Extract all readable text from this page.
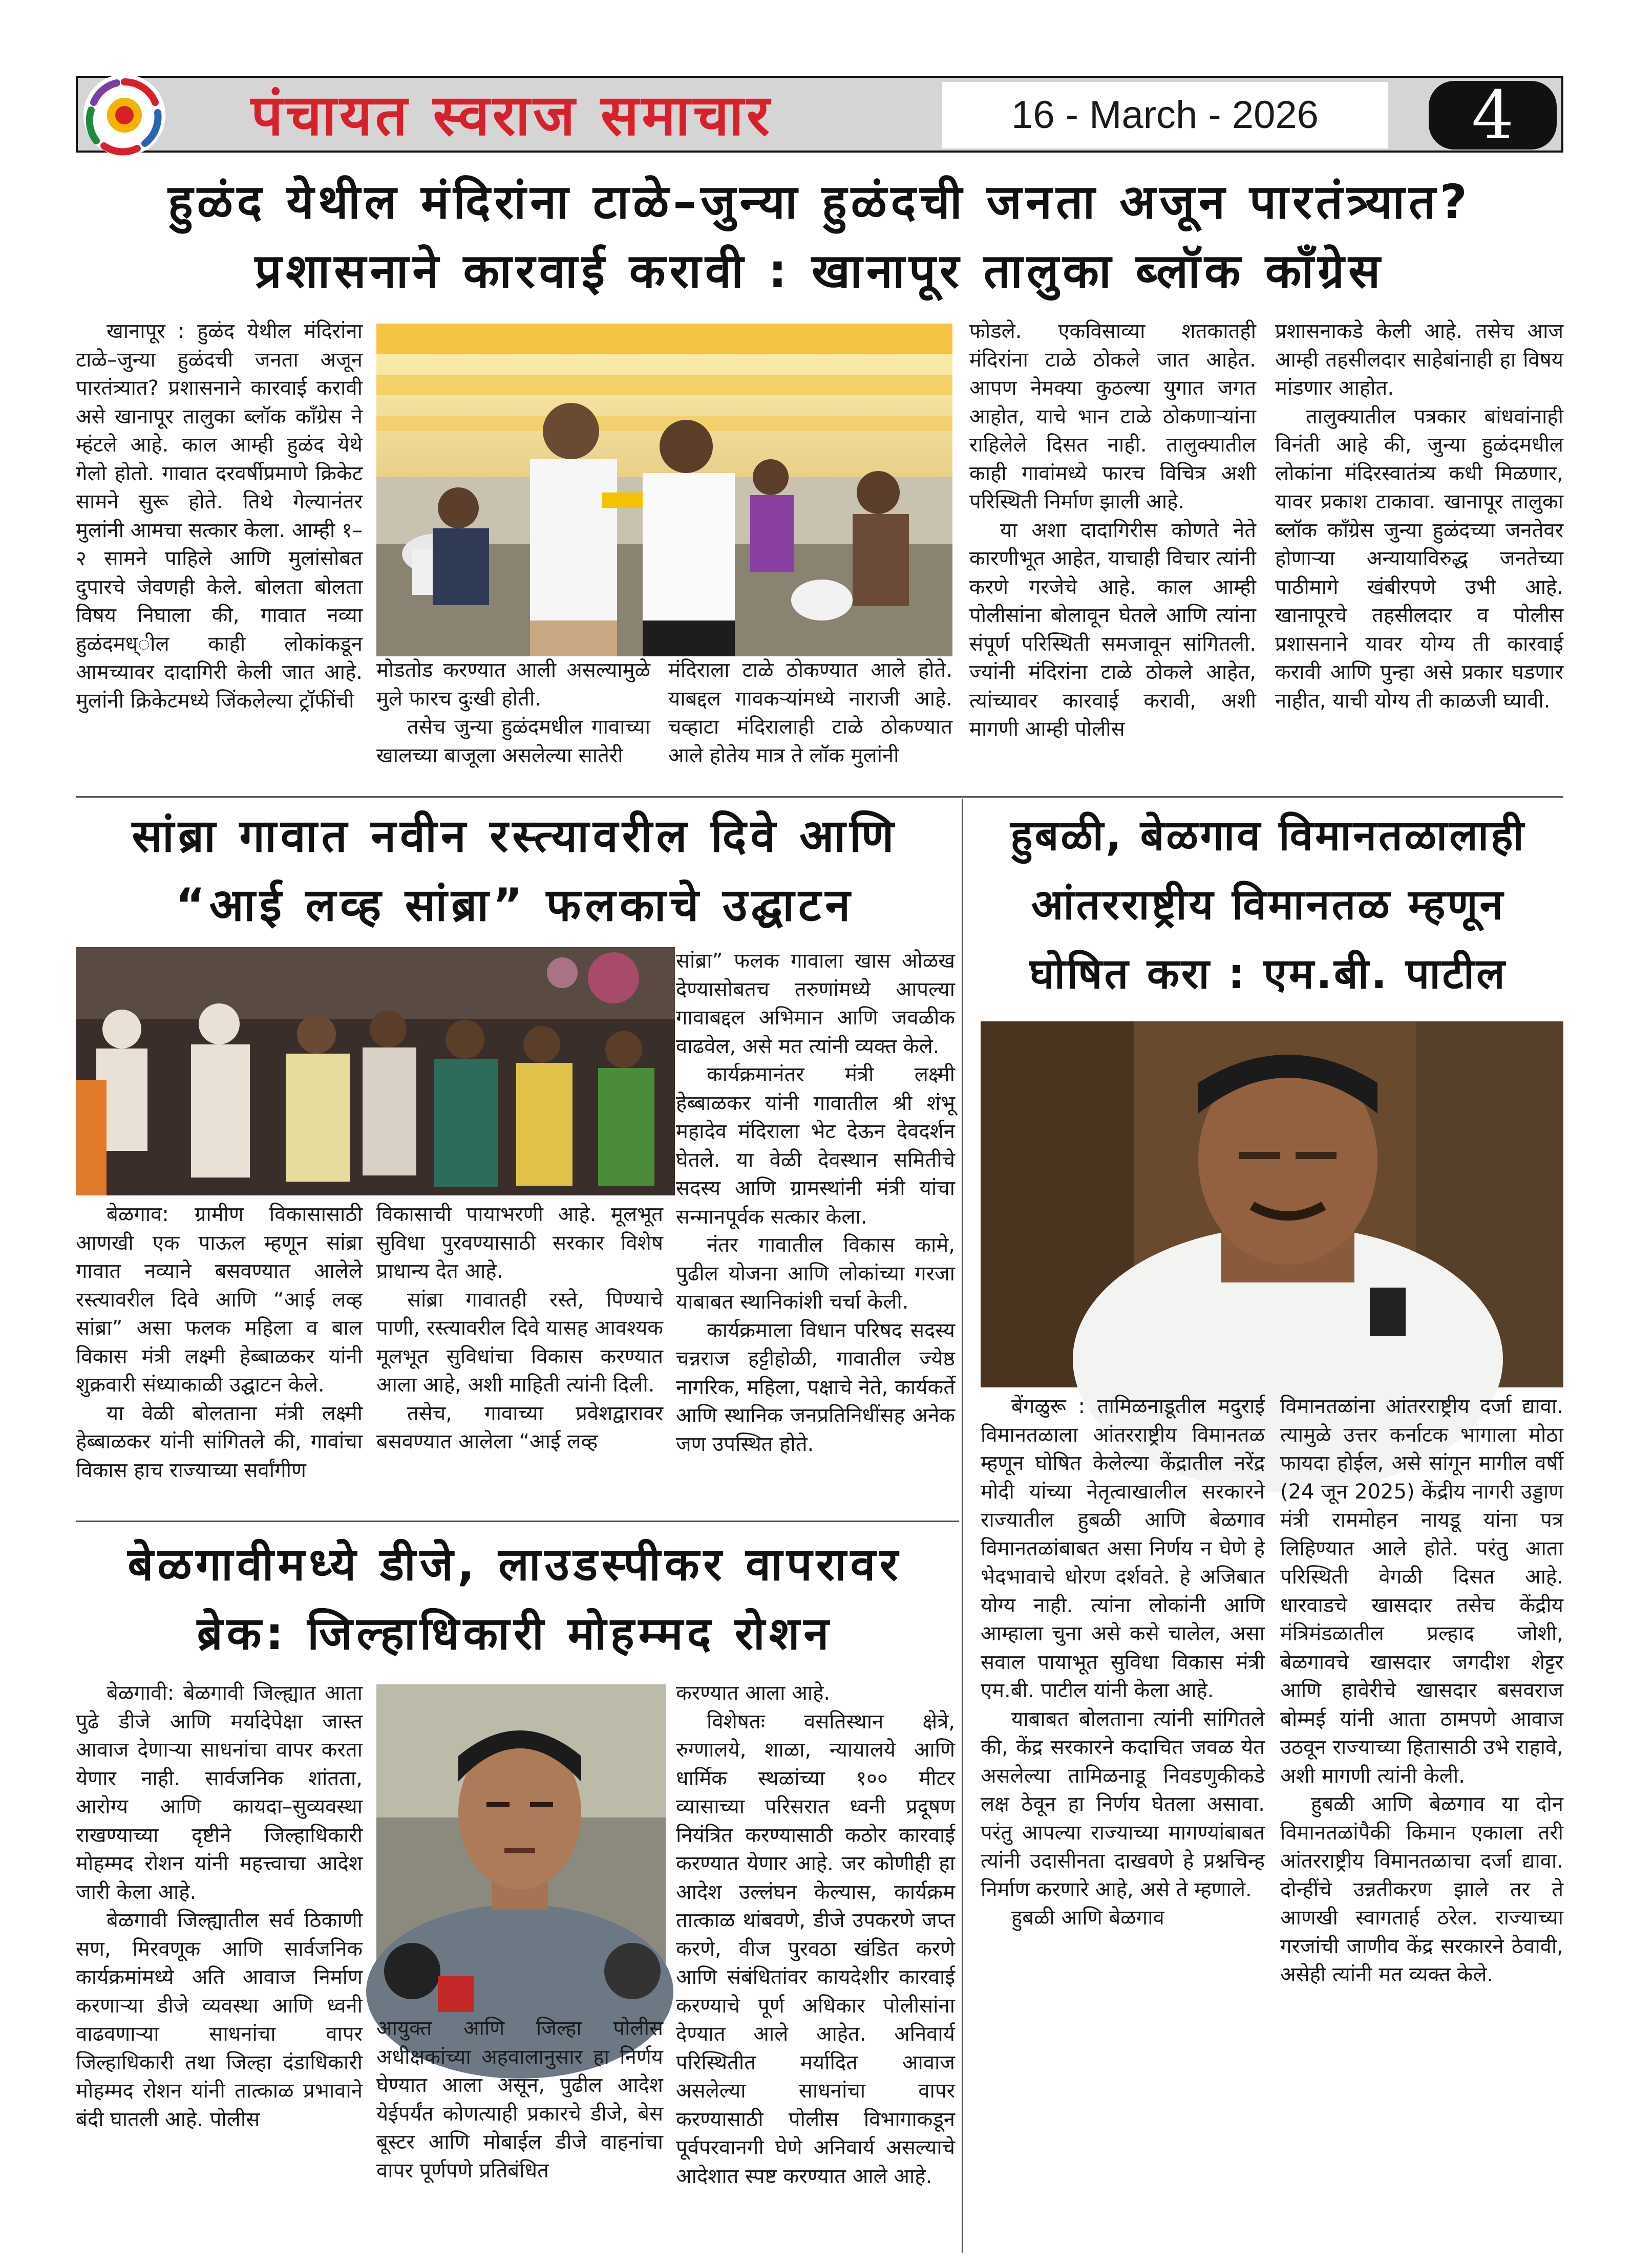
पंचायत स्वराज समाचार	16 - March - 2026	4
हुळंद येथील मंदिरांना टाळे–जुन्या हुळंदची जनता अजून पारतंत्र्यात?
प्रशासनाने कारवाई करावी : खानापूर तालुका ब्लॉक काँग्रेस

खानापूर : हुळंद येथील मंदिरांना टाळे–जुन्या हुळंदची जनता अजून पारतंत्र्यात? प्रशासनाने कारवाई करावी असे खानापूर तालुका ब्लॉक काँग्रेस ने म्हंटले आहे. काल आम्ही हुळंद येथे गेलो होतो. गावात दरवर्षीप्रमाणे क्रिकेट सामने सुरू होते. तिथे गेल्यानंतर मुलांनी आमचा सत्कार केला. आम्ही १–२ सामने पाहिले आणि मुलांसोबत दुपारचे जेवणही केले. बोलता बोलता विषय निघाला की, गावात नव्या हुळंदमध्ील काही लोकांकडून आमच्यावर दादागिरी केली जात आहे. मुलांनी क्रिकेटमध्ये जिंकलेल्या ट्रॉफींची

मोडतोड करण्यात आली असल्यामुळे मुले फारच दुःखी होती.

तसेच जुन्या हुळंदमधील गावाच्या खालच्या बाजूला असलेल्या सातेरी

मंदिराला टाळे ठोकण्यात आले होते. याबद्दल गावकऱ्यांमध्ये नाराजी आहे. चव्हाटा मंदिरालाही टाळे ठोकण्यात आले होतेय मात्र ते लॉक मुलांनी

फोडले. एकविसाव्या शतकातही मंदिरांना टाळे ठोकले जात आहेत. आपण नेमक्या कुठल्या युगात जगत आहोत, याचे भान टाळे ठोकणाऱ्यांना राहिलेले दिसत नाही. तालुक्यातील काही गावांमध्ये फारच विचित्र अशी परिस्थिती निर्माण झाली आहे.

या अशा दादागिरीस कोणते नेते कारणीभूत आहेत, याचाही विचार त्यांनी करणे गरजेचे आहे. काल आम्ही पोलीसांना बोलावून घेतले आणि त्यांना संपूर्ण परिस्थिती समजावून सांगितली. ज्यांनी मंदिरांना टाळे ठोकले आहेत, त्यांच्यावर कारवाई करावी, अशी मागणी आम्ही पोलीस

प्रशासनाकडे केली आहे. तसेच आज आम्ही तहसीलदार साहेबांनाही हा विषय मांडणार आहोत.

तालुक्यातील पत्रकार बांधवांनाही विनंती आहे की, जुन्या हुळंदमधील लोकांना मंदिरस्वातंत्र्य कधी मिळणार, यावर प्रकाश टाकावा. खानापूर तालुका ब्लॉक काँग्रेस जुन्या हुळंदच्या जनतेवर होणाऱ्या अन्यायाविरुद्ध जनतेच्या पाठीमागे खंबीरपणे उभी आहे. खानापूरचे तहसीलदार व पोलीस प्रशासनाने यावर योग्य ती कारवाई करावी आणि पुन्हा असे प्रकार घडणार नाहीत, याची योग्य ती काळजी घ्यावी.

सांब्रा गावात नवीन रस्त्यावरील दिवे आणि
“आई लव्ह सांब्रा” फलकाचे उद्घाटन

बेळगाव: ग्रामीण विकासासाठी आणखी एक पाऊल म्हणून सांब्रा गावात नव्याने बसवण्यात आलेले रस्त्यावरील दिवे आणि “आई लव्ह सांब्रा” असा फलक महिला व बाल विकास मंत्री लक्ष्मी हेब्बाळकर यांनी शुक्रवारी संध्याकाळी उद्घाटन केले.

या वेळी बोलताना मंत्री लक्ष्मी हेब्बाळकर यांनी सांगितले की, गावांचा विकास हाच राज्याच्या सर्वांगीण

विकासाची पायाभरणी आहे. मूलभूत सुविधा पुरवण्यासाठी सरकार विशेष प्राधान्य देत आहे.

सांब्रा गावातही रस्ते, पिण्याचे पाणी, रस्त्यावरील दिवे यासह आवश्यक मूलभूत सुविधांचा विकास करण्यात आला आहे, अशी माहिती त्यांनी दिली.

तसेच, गावाच्या प्रवेशद्वारावर बसवण्यात आलेला “आई लव्ह

सांब्रा” फलक गावाला खास ओळख देण्यासोबतच तरुणांमध्ये आपल्या गावाबद्दल अभिमान आणि जवळीक वाढवेल, असे मत त्यांनी व्यक्त केले.

कार्यक्रमानंतर मंत्री लक्ष्मी हेब्बाळकर यांनी गावातील श्री शंभू महादेव मंदिराला भेट देऊन देवदर्शन घेतले. या वेळी देवस्थान समितीचे सदस्य आणि ग्रामस्थांनी मंत्री यांचा सन्मानपूर्वक सत्कार केला.

नंतर गावातील विकास कामे, पुढील योजना आणि लोकांच्या गरजा याबाबत स्थानिकांशी चर्चा केली.

कार्यक्रमाला विधान परिषद सदस्य चन्नराज हट्टीहोळी, गावातील ज्येष्ठ नागरिक, महिला, पक्षाचे नेते, कार्यकर्ते आणि स्थानिक जनप्रतिनिधींसह अनेक जण उपस्थित होते.

हुबळी, बेळगाव विमानतळालाही
आंतरराष्ट्रीय विमानतळ म्हणून
घोषित करा : एम.बी. पाटील

बेंगळुरू : तामिळनाडूतील मदुराई विमानतळाला आंतरराष्ट्रीय विमानतळ म्हणून घोषित केलेल्या केंद्रातील नरेंद्र मोदी यांच्या नेतृत्वाखालील सरकारने राज्यातील हुबळी आणि बेळगाव विमानतळांबाबत असा निर्णय न घेणे हे भेदभावाचे धोरण दर्शवते. हे अजिबात योग्य नाही. त्यांना लोकांनी आणि आम्हाला चुना असे कसे चालेल, असा सवाल पायाभूत सुविधा विकास मंत्री एम.बी. पाटील यांनी केला आहे.

याबाबत बोलताना त्यांनी सांगितले की, केंद्र सरकारने कदाचित जवळ येत असलेल्या तामिळनाडू निवडणुकीकडे लक्ष ठेवून हा निर्णय घेतला असावा. परंतु आपल्या राज्याच्या मागण्यांबाबत त्यांनी उदासीनता दाखवणे हे प्रश्नचिन्ह निर्माण करणारे आहे, असे ते म्हणाले.

हुबळी आणि बेळगाव

विमानतळांना आंतरराष्ट्रीय दर्जा द्यावा. त्यामुळे उत्तर कर्नाटक भागाला मोठा फायदा होईल, असे सांगून मागील वर्षी (24 जून 2025) केंद्रीय नागरी उड्डाण मंत्री राममोहन नायडू यांना पत्र लिहिण्यात आले होते. परंतु आता परिस्थिती वेगळी दिसत आहे. धारवाडचे खासदार तसेच केंद्रीय मंत्रिमंडळातील प्रल्हाद जोशी, बेळगावचे खासदार जगदीश शेट्टर आणि हावेरीचे खासदार बसवराज बोम्मई यांनी आता ठामपणे आवाज उठवून राज्याच्या हितासाठी उभे राहावे, अशी मागणी त्यांनी केली.

हुबळी आणि बेळगाव या दोन विमानतळांपैकी किमान एकाला तरी आंतरराष्ट्रीय विमानतळाचा दर्जा द्यावा. दोन्हींचे उन्नतीकरण झाले तर ते आणखी स्वागतार्ह ठरेल. राज्याच्या गरजांची जाणीव केंद्र सरकारने ठेवावी, असेही त्यांनी मत व्यक्त केले.

बेळगावीमध्ये डीजे, लाउडस्पीकर वापरावर
ब्रेक: जिल्हाधिकारी मोहम्मद रोशन

बेळगावी: बेळगावी जिल्ह्यात आता पुढे डीजे आणि मर्यादेपेक्षा जास्त आवाज देणाऱ्या साधनांचा वापर करता येणार नाही. सार्वजनिक शांतता, आरोग्य आणि कायदा–सुव्यवस्था राखण्याच्या दृष्टीने जिल्हाधिकारी मोहम्मद रोशन यांनी महत्त्वाचा आदेश जारी केला आहे.

बेळगावी जिल्ह्यातील सर्व ठिकाणी सण, मिरवणूक आणि सार्वजनिक कार्यक्रमांमध्ये अति आवाज निर्माण करणाऱ्या डीजे व्यवस्था आणि ध्वनी वाढवणाऱ्या साधनांचा वापर जिल्हाधिकारी तथा जिल्हा दंडाधिकारी मोहम्मद रोशन यांनी तात्काळ प्रभावाने बंदी घातली आहे. पोलीस

आयुक्त आणि जिल्हा पोलीस अधीक्षकांच्या अहवालानुसार हा निर्णय घेण्यात आला असून, पुढील आदेश येईपर्यंत कोणत्याही प्रकारचे डीजे, बेस बूस्टर आणि मोबाईल डीजे वाहनांचा वापर पूर्णपणे प्रतिबंधित

करण्यात आला आहे.

विशेषतः वसतिस्थान क्षेत्रे, रुग्णालये, शाळा, न्यायालये आणि धार्मिक स्थळांच्या १०० मीटर व्यासाच्या परिसरात ध्वनी प्रदूषण नियंत्रित करण्यासाठी कठोर कारवाई करण्यात येणार आहे. जर कोणीही हा आदेश उल्लंघन केल्यास, कार्यक्रम तात्काळ थांबवणे, डीजे उपकरणे जप्त करणे, वीज पुरवठा खंडित करणे आणि संबंधितांवर कायदेशीर कारवाई करण्याचे पूर्ण अधिकार पोलीसांना देण्यात आले आहेत. अनिवार्य परिस्थितीत मर्यादित आवाज असलेल्या साधनांचा वापर करण्यासाठी पोलीस विभागाकडून पूर्वपरवानगी घेणे अनिवार्य असल्याचे आदेशात स्पष्ट करण्यात आले आहे.
